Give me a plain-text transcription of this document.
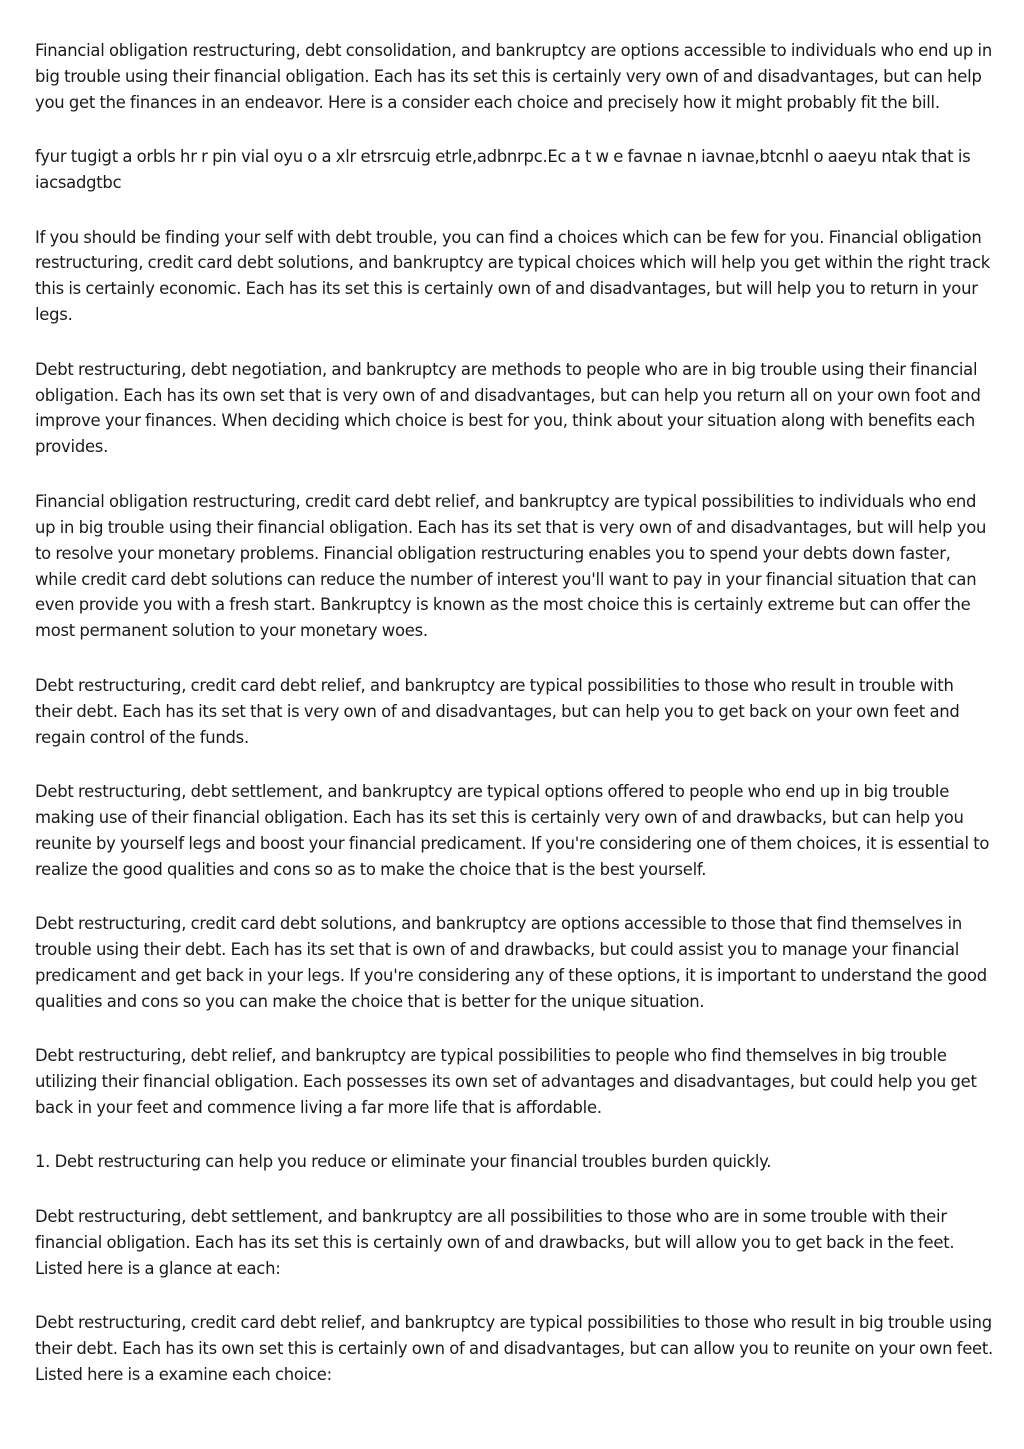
Financial obligation restructuring, debt consolidation, and bankruptcy are options accessible to individuals who end up in big trouble using their financial obligation. Each has its set this is certainly very own of and disadvantages, but can help you get the finances in an endeavor. Here is a consider each choice and precisely how it might probably fit the bill.

fyur tugigt a orbls hr r pin vial oyu o a xlr etrsrcuig etrle,adbnrpc.Ec a t w e favnae n iavnae,btcnhl o aaeyu ntak that is iacsadgtbc

If you should be finding your self with debt trouble, you can find a choices which can be few for you. Financial obligation restructuring, credit card debt solutions, and bankruptcy are typical choices which will help you get within the right track this is certainly economic. Each has its set this is certainly own of and disadvantages, but will help you to return in your legs.

Debt restructuring, debt negotiation, and bankruptcy are methods to people who are in big trouble using their financial obligation. Each has its own set that is very own of and disadvantages, but can help you return all on your own foot and improve your finances. When deciding which choice is best for you, think about your situation along with benefits each provides.

Financial obligation restructuring, credit card debt relief, and bankruptcy are typical possibilities to individuals who end up in big trouble using their financial obligation. Each has its set that is very own of and disadvantages, but will help you to resolve your monetary problems. Financial obligation restructuring enables you to spend your debts down faster, while credit card debt solutions can reduce the number of interest you'll want to pay in your financial situation that can even provide you with a fresh start. Bankruptcy is known as the most choice this is certainly extreme but can offer the most permanent solution to your monetary woes.

Debt restructuring, credit card debt relief, and bankruptcy are typical possibilities to those who result in trouble with their debt. Each has its set that is very own of and disadvantages, but can help you to get back on your own feet and regain control of the funds.

Debt restructuring, debt settlement, and bankruptcy are typical options offered to people who end up in big trouble making use of their financial obligation. Each has its set this is certainly very own of and drawbacks, but can help you reunite by yourself legs and boost your financial predicament. If you're considering one of them choices, it is essential to realize the good qualities and cons so as to make the choice that is the best yourself.

Debt restructuring, credit card debt solutions, and bankruptcy are options accessible to those that find themselves in trouble using their debt. Each has its set that is own of and drawbacks, but could assist you to manage your financial predicament and get back in your legs. If you're considering any of these options, it is important to understand the good qualities and cons so you can make the choice that is better for the unique situation.

Debt restructuring, debt relief, and bankruptcy are typical possibilities to people who find themselves in big trouble utilizing their financial obligation. Each possesses its own set of advantages and disadvantages, but could help you get back in your feet and commence living a far more life that is affordable.

1. Debt restructuring can help you reduce or eliminate your financial troubles burden quickly.

Debt restructuring, debt settlement, and bankruptcy are all possibilities to those who are in some trouble with their financial obligation. Each has its set this is certainly own of and drawbacks, but will allow you to get back in the feet. Listed here is a glance at each:

Debt restructuring, credit card debt relief, and bankruptcy are typical possibilities to those who result in big trouble using their debt. Each has its own set this is certainly own of and disadvantages, but can allow you to reunite on your own feet. Listed here is a examine each choice:
